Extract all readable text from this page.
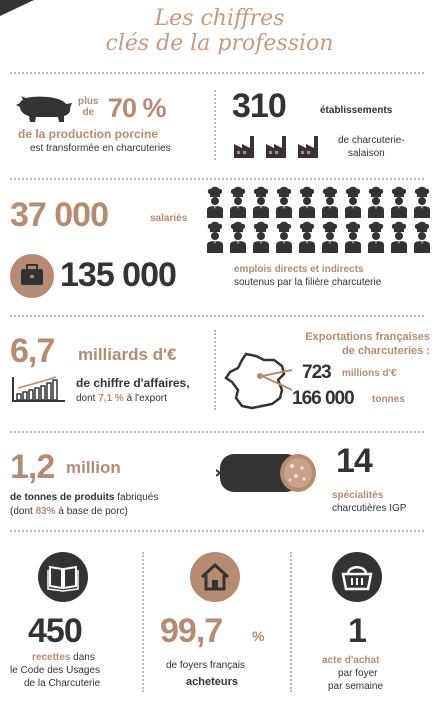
Les chiffres
clés de la profession
plus
de 70 %
de la production porcine
est transformée en charcuteries
310	établissements
de charcuterie-
salaison
37 000	salariés
135 000	emplois directs et indirects
soutenus par la filière charcuterie
6,7 milliards d'€
de chiffre d'affaires,
dont 7,1 % à l'export
Exportations françaises
de charcuteries :
723 millions d'€
166 000 tonnes
1,2 million
de tonnes de produits fabriqués
(dont 83% à base de porc)
14
spécialités
charcutières IGP
450
recettes dans
le Code des Usages
de la Charcuterie
99,7 %
de foyers français
acheteurs
1
acte d'achat
par foyer
par semaine
